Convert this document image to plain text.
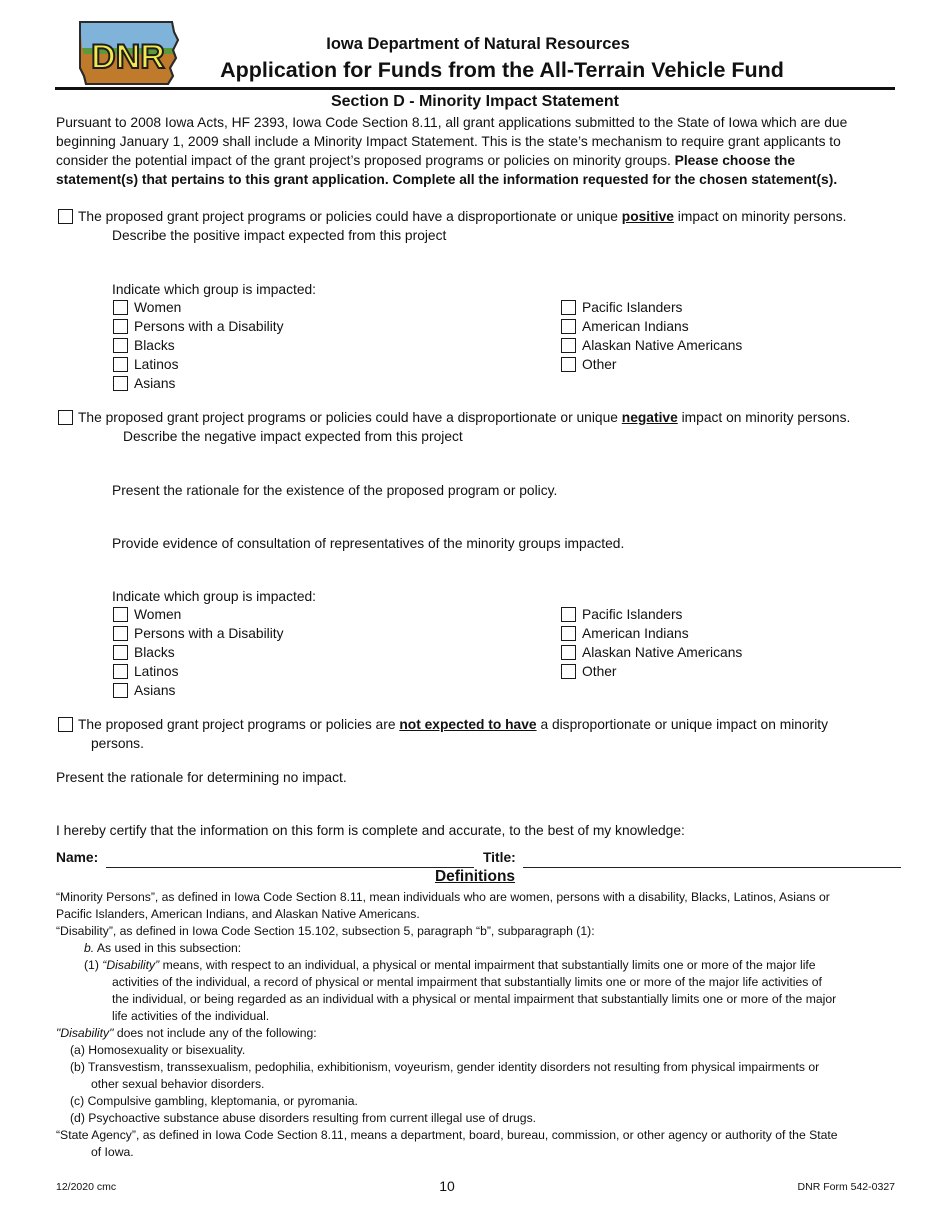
DNR	Iowa Department of Natural Resources
Application for Funds from the All-Terrain Vehicle Fund
Section D - Minority Impact Statement
Pursuant to 2008 Iowa Acts, HF 2393, Iowa Code Section 8.11, all grant applications submitted to the State of Iowa which are due
beginning January 1, 2009 shall include a Minority Impact Statement. This is the state’s mechanism to require grant applicants to
consider the potential impact of the grant project’s proposed programs or policies on minority groups. Please choose the
statement(s) that pertains to this grant application. Complete all the information requested for the chosen statement(s).
The proposed grant project programs or policies could have a disproportionate or unique positive impact on minority persons.
Describe the positive impact expected from this project
Indicate which group is impacted:
Women
Persons with a Disability
Blacks
Latinos
Asians
Pacific Islanders
American Indians
Alaskan Native Americans
Other
The proposed grant project programs or policies could have a disproportionate or unique negative impact on minority persons.
Describe the negative impact expected from this project
Present the rationale for the existence of the proposed program or policy.
Provide evidence of consultation of representatives of the minority groups impacted.
Indicate which group is impacted:
Women
Persons with a Disability
Blacks
Latinos
Asians
Pacific Islanders
American Indians
Alaskan Native Americans
Other
The proposed grant project programs or policies are not expected to have a disproportionate or unique impact on minority
persons.
Present the rationale for determining no impact.
I hereby certify that the information on this form is complete and accurate, to the best of my knowledge:
Name:	Title:
Definitions
“Minority Persons”, as defined in Iowa Code Section 8.11, mean individuals who are women, persons with a disability, Blacks, Latinos, Asians or
Pacific Islanders, American Indians, and Alaskan Native Americans.
“Disability”, as defined in Iowa Code Section 15.102, subsection 5, paragraph “b”, subparagraph (1):
b. As used in this subsection:
(1) “Disability” means, with respect to an individual, a physical or mental impairment that substantially limits one or more of the major life
activities of the individual, a record of physical or mental impairment that substantially limits one or more of the major life activities of
the individual, or being regarded as an individual with a physical or mental impairment that substantially limits one or more of the major
life activities of the individual.
"Disability" does not include any of the following:
(a) Homosexuality or bisexuality.
(b) Transvestism, transsexualism, pedophilia, exhibitionism, voyeurism, gender identity disorders not resulting from physical impairments or
other sexual behavior disorders.
(c) Compulsive gambling, kleptomania, or pyromania.
(d) Psychoactive substance abuse disorders resulting from current illegal use of drugs.
“State Agency”, as defined in Iowa Code Section 8.11, means a department, board, bureau, commission, or other agency or authority of the State
of Iowa.
12/2020 cmc	10	DNR Form 542-0327
